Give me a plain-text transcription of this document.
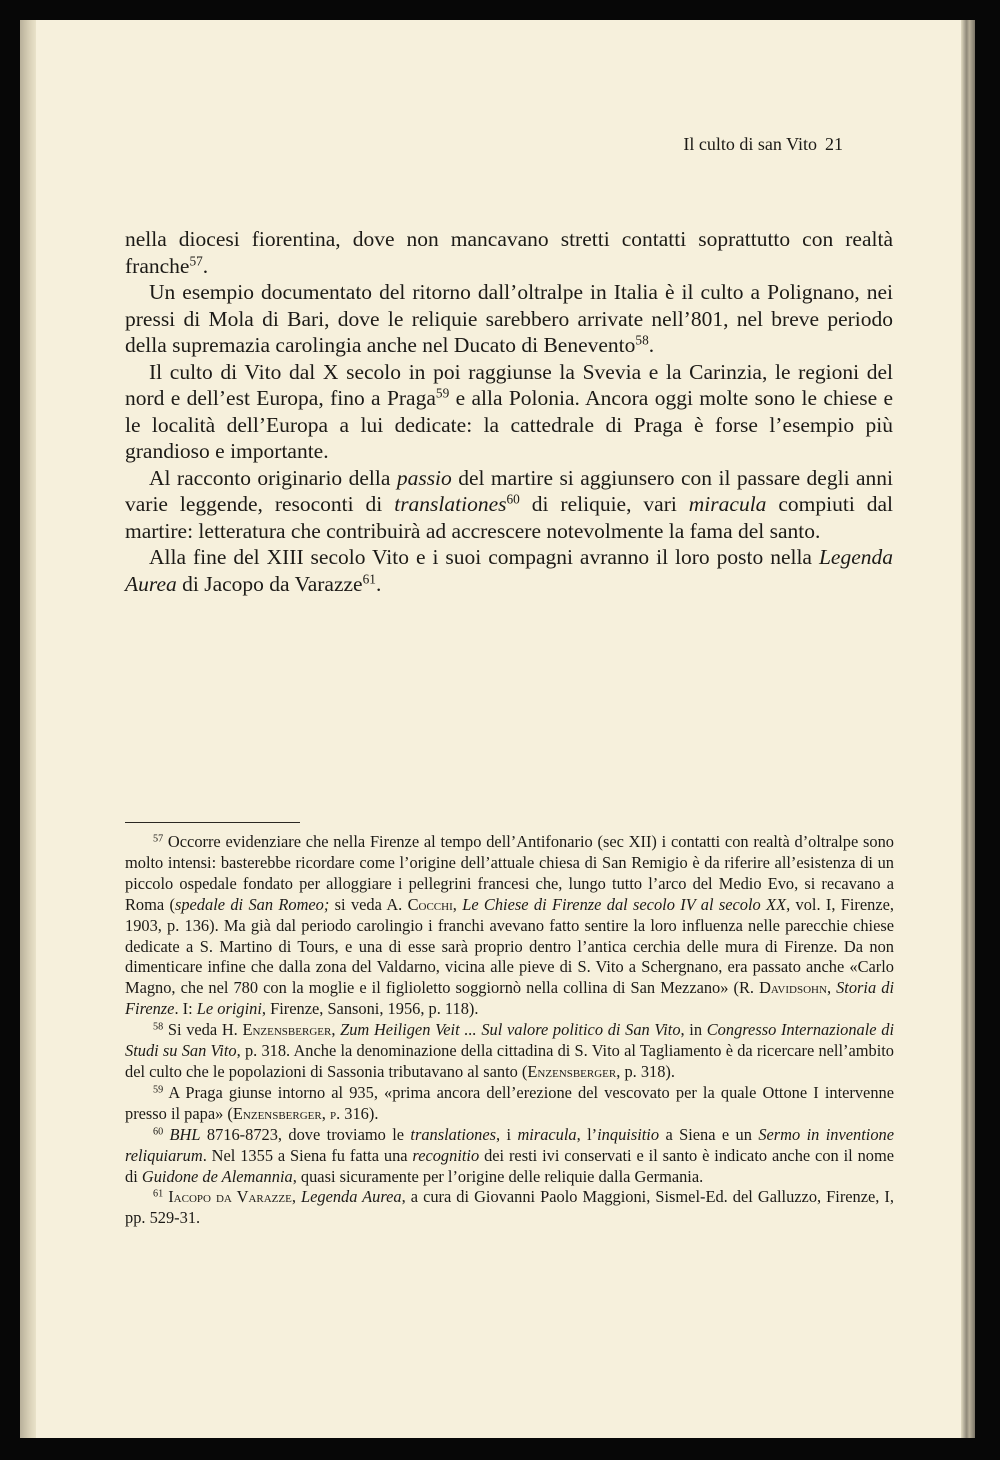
Il culto di san Vito 21

nella diocesi fiorentina, dove non mancavano stretti contatti soprattutto con realtà franche$^{57}$.

Un esempio documentato del ritorno dall’oltralpe in Italia è il culto a Polignano, nei pressi di Mola di Bari, dove le reliquie sarebbero arrivate nell’801, nel breve periodo della supremazia carolingia anche nel Ducato di Benevento$^{58}$.

Il culto di Vito dal X secolo in poi raggiunse la Svevia e la Carinzia, le regioni del nord e dell’est Europa, fino a Praga$^{59}$ e alla Polonia. Ancora oggi molte sono le chiese e le località dell’Europa a lui dedicate: la cattedrale di Praga è forse l’esempio più grandioso e importante.

Al racconto originario della passio del martire si aggiunsero con il passare degli anni varie leggende, resoconti di translationes$^{60}$ di reliquie, vari miracula compiuti dal martire: letteratura che contribuirà ad accrescere notevolmente la fama del santo.

Alla fine del XIII secolo Vito e i suoi compagni avranno il loro posto nella Legenda Aurea di Jacopo da Varazze$^{61}$.

$^{57}$ Occorre evidenziare che nella Firenze al tempo dell’Antifonario (sec XII) i contatti con realtà d’oltralpe sono molto intensi: basterebbe ricordare come l’origine dell’attuale chiesa di San Remigio è da riferire all’esistenza di un piccolo ospedale fondato per alloggiare i pellegrini francesi che, lungo tutto l’arco del Medio Evo, si recavano a Roma (spedale di San Romeo; si veda A. Cocchi, Le Chiese di Firenze dal secolo IV al secolo XX, vol. I, Firenze, 1903, p. 136). Ma già dal periodo carolingio i franchi avevano fatto sentire la loro influenza nelle parecchie chiese dedicate a S. Martino di Tours, e una di esse sarà proprio dentro l’antica cerchia delle mura di Firenze. Da non dimenticare infine che dalla zona del Valdarno, vicina alle pieve di S. Vito a Schergnano, era passato anche «Carlo Magno, che nel 780 con la moglie e il figlioletto soggiornò nella collina di San Mezzano» (R. Davidsohn, Storia di Firenze. I: Le origini, Firenze, Sansoni, 1956, p. 118).

$^{58}$ Si veda H. Enzensberger, Zum Heiligen Veit ... Sul valore politico di San Vito, in Congresso Internazionale di Studi su San Vito, p. 318. Anche la denominazione della cittadina di S. Vito al Tagliamento è da ricercare nell’ambito del culto che le popolazioni di Sassonia tributavano al santo (Enzensberger, p. 318).

$^{59}$ A Praga giunse intorno al 935, «prima ancora dell’erezione del vescovato per la quale Ottone I intervenne presso il papa» (Enzensberger, p. 316).

$^{60}$ BHL 8716-8723, dove troviamo le translationes, i miracula, l’inquisitio a Siena e un Sermo in inventione reliquiarum. Nel 1355 a Siena fu fatta una recognitio dei resti ivi conservati e il santo è indicato anche con il nome di Guidone de Alemannia, quasi sicuramente per l’origine delle reliquie dalla Germania.

$^{61}$ Iacopo da Varazze, Legenda Aurea, a cura di Giovanni Paolo Maggioni, Sismel-Ed. del Galluzzo, Firenze, I, pp. 529-31.
